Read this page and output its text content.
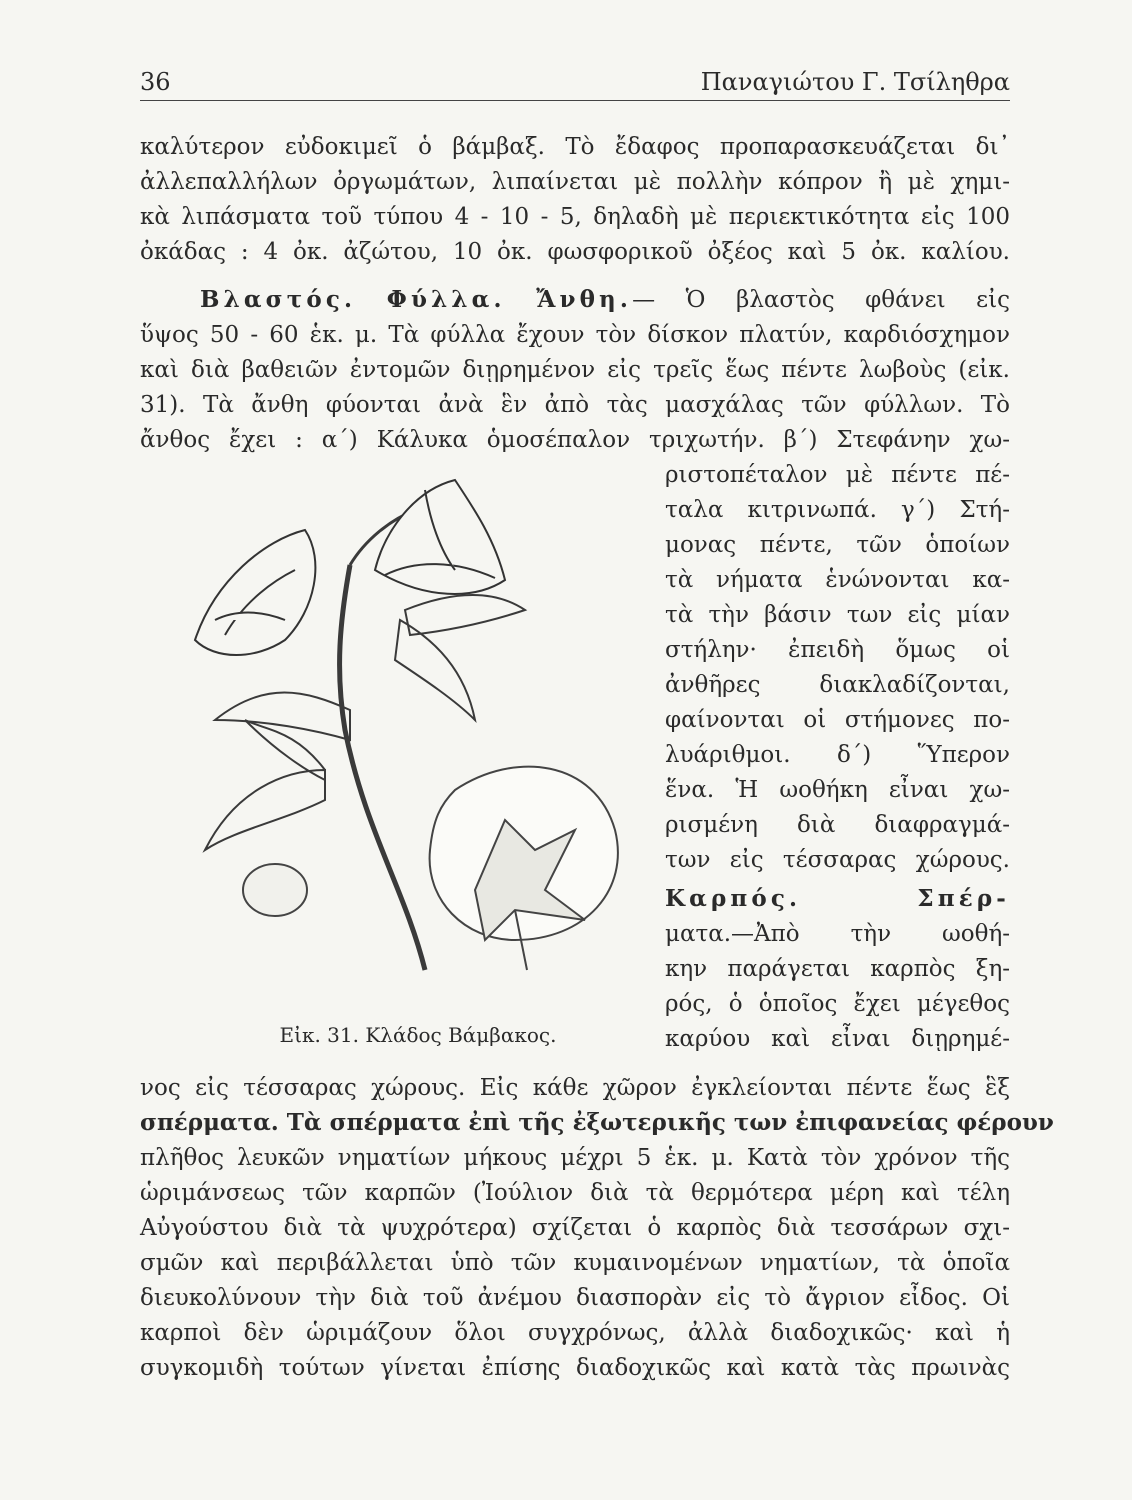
36	Παναγιώτου Γ. Τσίληθρα
καλύτερον εὐδοκιμεῖ ὁ βάμβαξ. Τὸ ἔδαφος προπαρασκευάζεται δι᾽
ἀλλεπαλλήλων ὀργωμάτων, λιπαίνεται μὲ πολλὴν κόπρον ἢ μὲ χημι-
κὰ λιπάσματα τοῦ τύπου 4 - 10 - 5, δηλαδὴ μὲ περιεκτικότητα εἰς 100
ὀκάδας : 4 ὀκ. ἀζώτου, 10 ὀκ. φωσφορικοῦ ὀξέος καὶ 5 ὀκ. καλίου.
Βλαστός. Φύλλα. Ἄνθη.— Ὁ βλαστὸς φθάνει εἰς
ὕψος 50 - 60 ἑκ. μ. Τὰ φύλλα ἔχουν τὸν δίσκον πλατύν, καρδιόσχημον
καὶ διὰ βαθειῶν ἐντομῶν διῃρημένον εἰς τρεῖς ἕως πέντε λωβοὺς (εἰκ.
31). Τὰ ἄνθη φύονται ἀνὰ ἓν ἀπὸ τὰς μασχάλας τῶν φύλλων. Τὸ
ἄνθος ἔχει : α΄) Κάλυκα ὁμοσέπαλον τριχωτήν. β΄) Στεφάνην χω-
ριστοπέταλον μὲ πέντε πέ-
ταλα κιτρινωπά. γ΄) Στή-
μονας πέντε, τῶν ὁποίων
τὰ νήματα ἑνώνονται κα-
τὰ τὴν βάσιν των εἰς μίαν
στήλην· ἐπειδὴ ὅμως οἱ
ἀνθῆρες διακλαδίζονται,
φαίνονται οἱ στήμονες πο-
λυάριθμοι. δ΄) Ὕπερον
ἕνα. Ἡ ωοθήκη εἶναι χω-
ρισμένη διὰ διαφραγμά-
των εἰς τέσσαρας χώρους.
Καρπός. Σπέρ-
ματα.—Ἀπὸ τὴν ωοθή-
κην παράγεται καρπὸς ξη-
ρός, ὁ ὁποῖος ἔχει μέγεθος
καρύου καὶ εἶναι διῃρημέ-
Εἰκ. 31. Κλάδος Βάμβακος.
νος εἰς τέσσαρας χώρους. Εἰς κάθε χῶρον ἐγκλείονται πέντε ἕως ἓξ
σπέρματα. Τὰ σπέρματα ἐπὶ τῆς ἐξωτερικῆς των ἐπιφανείας φέρουν
πλῆθος λευκῶν νηματίων μήκους μέχρι 5 ἑκ. μ. Κατὰ τὸν χρόνον τῆς
ὡριμάνσεως τῶν καρπῶν (Ἰούλιον διὰ τὰ θερμότερα μέρη καὶ τέλη
Αὐγούστου διὰ τὰ ψυχρότερα) σχίζεται ὁ καρπὸς διὰ τεσσάρων σχι-
σμῶν καὶ περιβάλλεται ὑπὸ τῶν κυμαινομένων νηματίων, τὰ ὁποῖα
διευκολύνουν τὴν διὰ τοῦ ἀνέμου διασπορὰν εἰς τὸ ἄγριον εἶδος. Οἱ
καρποὶ δὲν ὡριμάζουν ὅλοι συγχρόνως, ἀλλὰ διαδοχικῶς· καὶ ἡ
συγκομιδὴ τούτων γίνεται ἐπίσης διαδοχικῶς καὶ κατὰ τὰς πρωινὰς
